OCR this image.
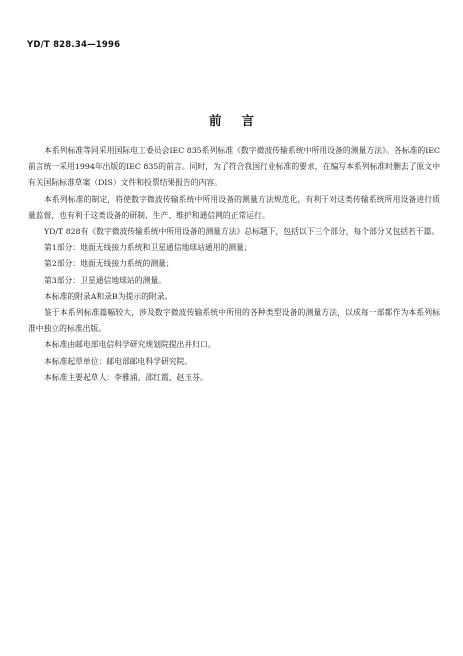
YD/T 828.34—1996
前言

本系列标准等同采用国际电工委员会IEC 835系列标准《数字微波传输系统中所用设备的测量方法》。各标准的IEC前言统一采用1994年出版的IEC 835的前言。同时，为了符合我国行业标准的要求，在编写本系列标准时删去了原文中有关国际标准草案（DIS）文件和投票结果报告的内容。

本系列标准的制定，将使数字微波传输系统中所用设备的测量方法规范化，有利于对这类传输系统所用设备进行质量监督，也有利于这类设备的研制、生产、维护和通信网的正常运行。

YD/T 828有《数字微波传输系统中所用设备的测量方法》总标题下，包括以下三个部分，每个部分又包括若干篇。

第1部分：地面无线接力系统和卫星通信地球站通用的测量；

第2部分：地面无线接力系统的测量；

第3部分：卫星通信地球站的测量。

本标准的附录A和录B为提示的附录。

鉴于本系列标准篇幅较大，涉及数字微波传输系统中所用的各种类型设备的测量方法，以成每一部都作为本系列标准中独立的标准出版。

本标准由邮电部电信科学研究规划院提出并归口。

本标准起草单位：邮电部邮电科学研究院。

本标准主要起草人：李雅涌、邵红霞、赵玉芬。
